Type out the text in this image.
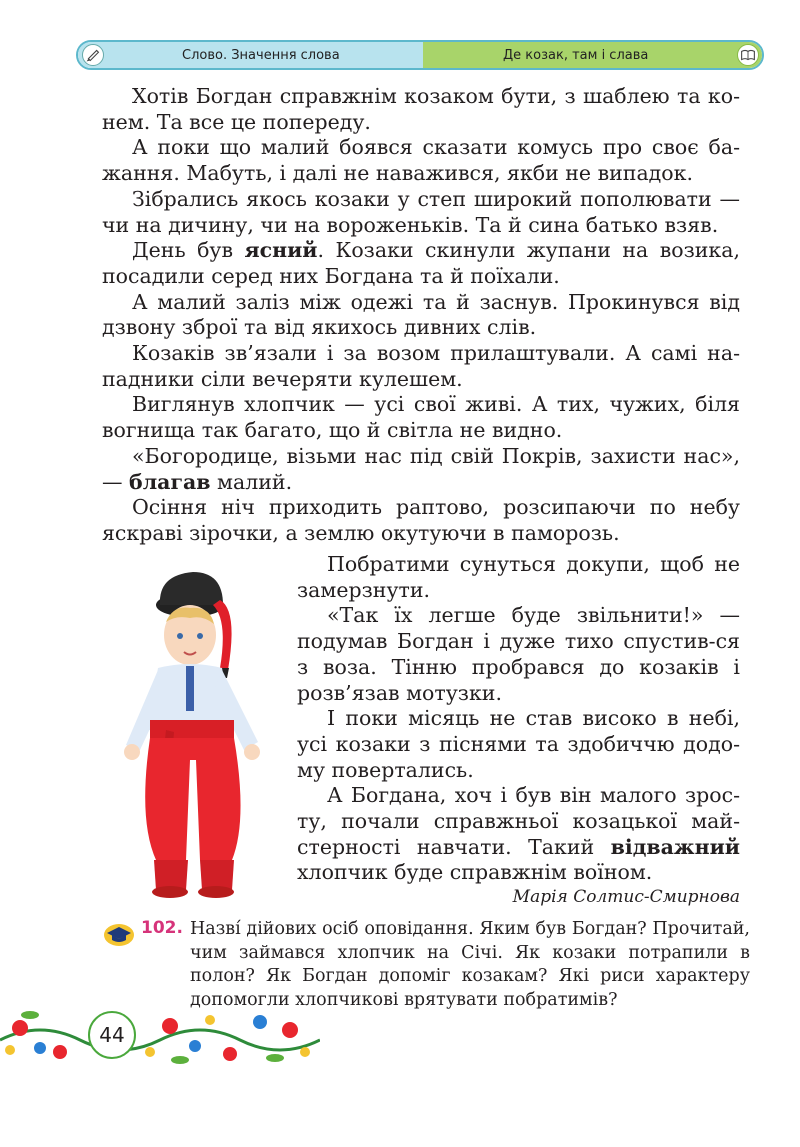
Слово. Значення слова	Де козак, там і слава

Хотів Богдан справжнім козаком бути, з шаблею та ко-нем. Та все це попереду.

А поки що малий боявся сказати комусь про своє ба-жання. Мабуть, і далі не наважився, якби не випадок.

Зібрались якось козаки у степ широкий пополювати — чи на дичину, чи на вороженьків. Та й сина батько взяв.

День був ясний. Козаки скинули жупани на возика, посадили серед них Богдана та й поїхали.

А малий заліз між одежі та й заснув. Прокинувся від дзвону зброї та від якихось дивних слів.

Козаків зв’язали і за возом прилаштували. А самі на-падники сіли вечеряти кулешем.

Виглянув хлопчик — усі свої живі. А тих, чужих, біля вогнища так багато, що й світла не видно.

«Богородице, візьми нас під свій Покрів, захисти нас», — благав малий.

Осіння ніч приходить раптово, розсипаючи по небу яскраві зірочки, а землю окутуючи в паморозь.

Побратими сунуться докупи, щоб не замерзнути.

«Так їх легше буде звільнити!» — подумав Богдан і дуже тихо спустив-ся з воза. Тінню пробрався до козаків і розв’язав мотузки.

І поки місяць не став високо в небі, усі козаки з піснями та здобиччю додо-му повертались.

А Богдана, хоч і був він малого зрос-ту, почали справжньої козацької май-стерності навчати. Такий відважний хлопчик буде справжнім воїном.

Марія Солтис-Смирнова
102. Назві́ дійових осіб оповідання. Яким був Богдан? Прочитай, чим займався хлопчик на Січі. Як козаки потрапили в полон? Як Богдан допоміг козакам? Які риси характеру допомогли хлопчикові врятувати побратимів?
44
